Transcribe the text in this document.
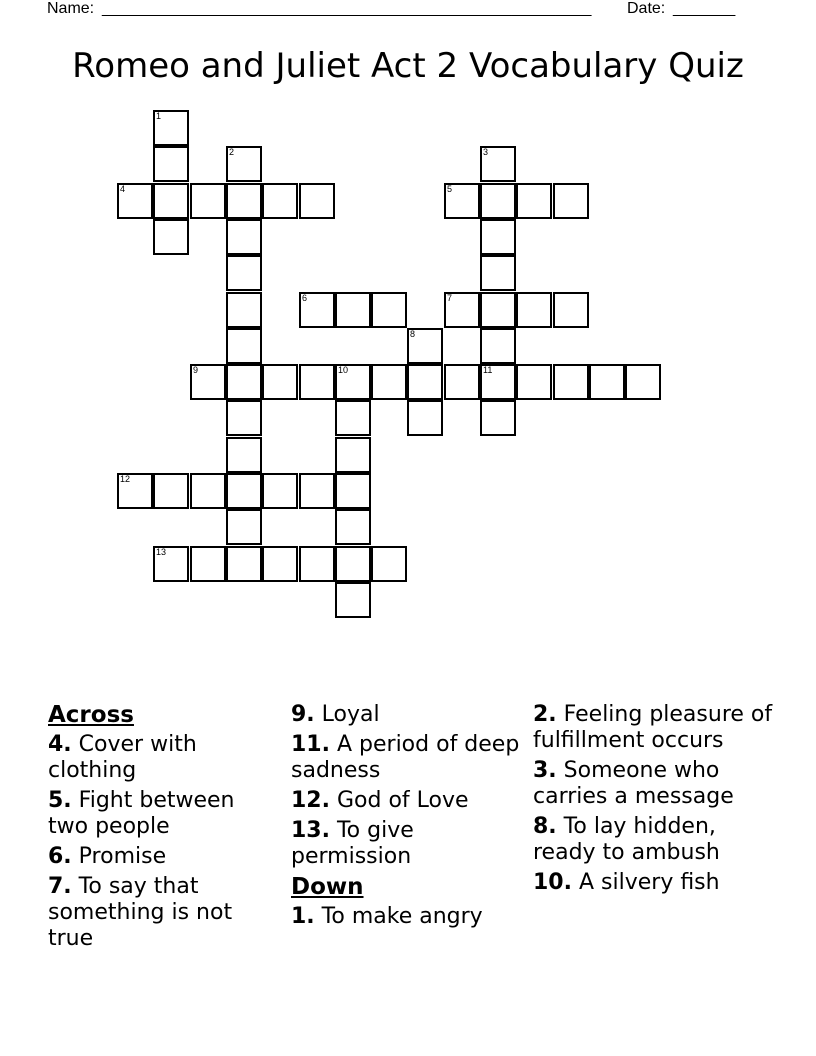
Name: _______________________________________________________ Date: _______
Romeo and Juliet Act 2 Vocabulary Quiz
1
2
4
3
11
5
6	7
8
9	10
12
13
Across
4. Cover with clothing
5. Fight between two people
6. Promise
7. To say that something is not true
9. Loyal
11. A period of deep sadness
12. God of Love
13. To give permission
Down
1. To make angry
2. Feeling pleasure of fulfillment occurs
3. Someone who carries a message
8. To lay hidden, ready to ambush
10. A silvery fish
